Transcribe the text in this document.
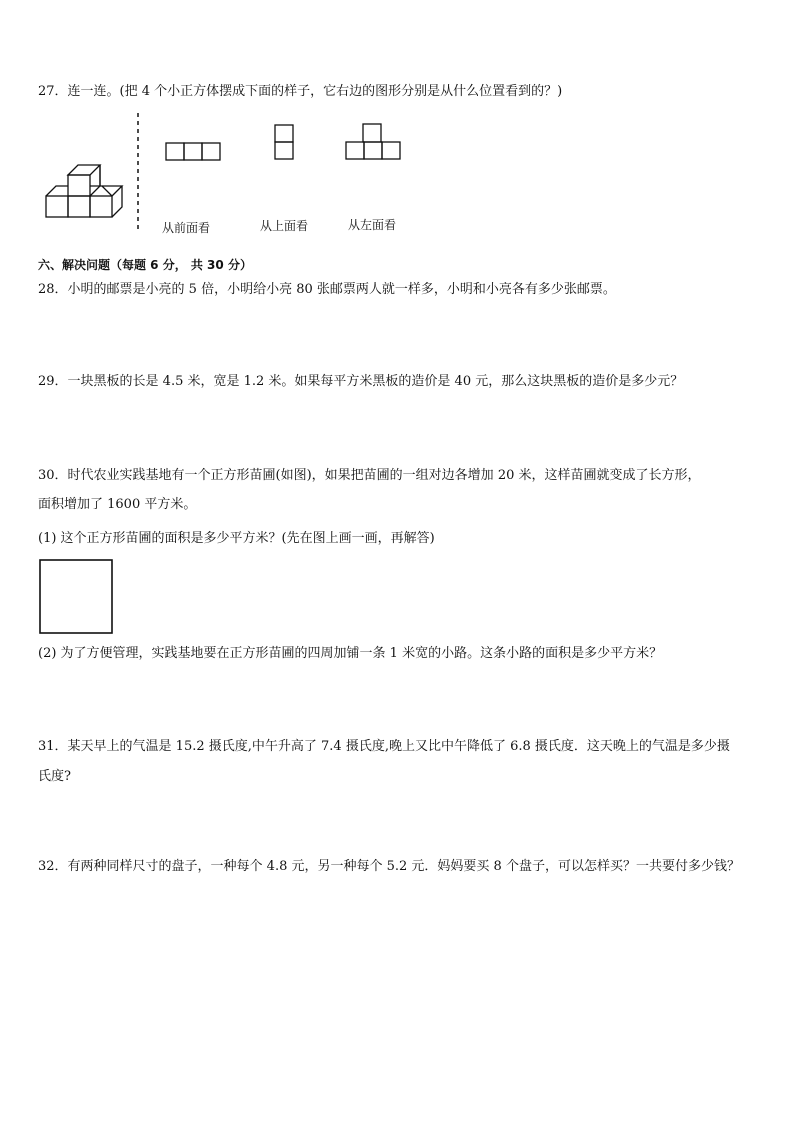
27．连一连。(把 4 个小正方体摆成下面的样子，它右边的图形分别是从什么位置看到的？)
从前面看	从上面看	从左面看
六、解决问题（每题 6 分， 共 30 分）
28．小明的邮票是小亮的 5 倍，小明给小亮 80 张邮票两人就一样多，小明和小亮各有多少张邮票。
29．一块黑板的长是 4.5 米，宽是 1.2 米。如果每平方米黑板的造价是 40 元，那么这块黑板的造价是多少元？
30．时代农业实践基地有一个正方形苗圃(如图)，如果把苗圃的一组对边各增加 20 米，这样苗圃就变成了长方形，
面积增加了 1600 平方米。
(1) 这个正方形苗圃的面积是多少平方米？(先在图上画一画，再解答)
(2) 为了方便管理，实践基地要在正方形苗圃的四周加铺一条 1 米宽的小路。这条小路的面积是多少平方米？
31．某天早上的气温是 15.2 摄氏度,中午升高了 7.4 摄氏度,晚上又比中午降低了 6.8 摄氏度．这天晚上的气温是多少摄
氏度?
32．有两种同样尺寸的盘子，一种每个 4.8 元，另一种每个 5.2 元．妈妈要买 8 个盘子，可以怎样买？一共要付多少钱？
